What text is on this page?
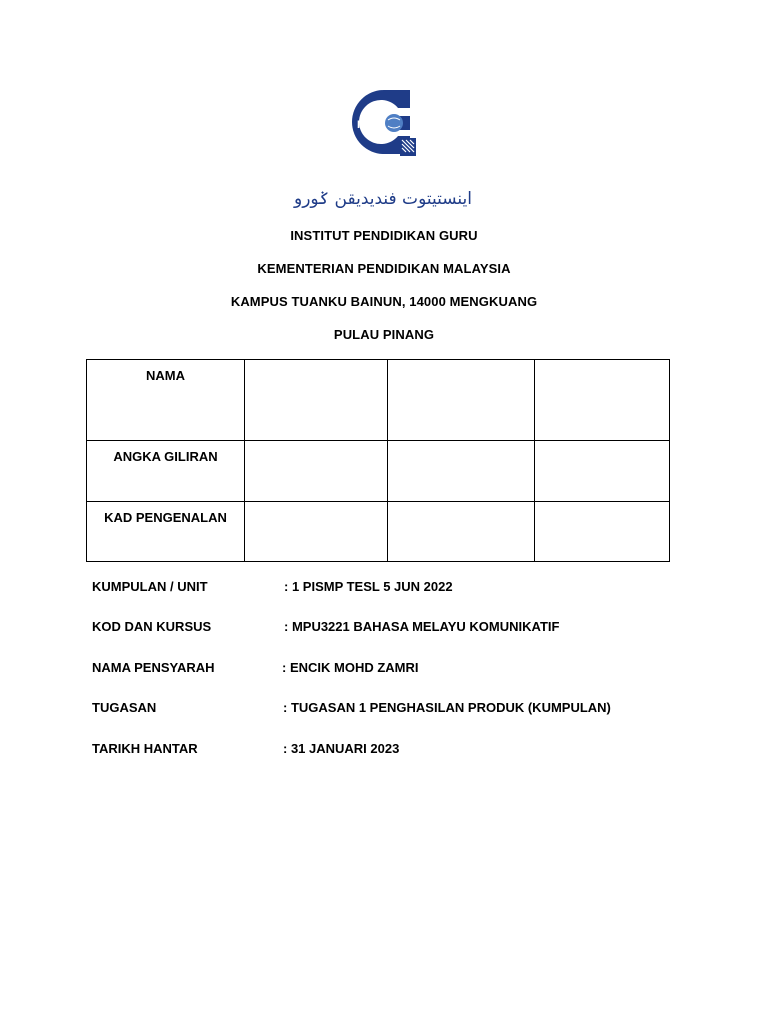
IPG
اينستيتوت فنديديقن ݢورو
INSTITUT PENDIDIKAN GURU
KEMENTERIAN PENDIDIKAN MALAYSIA
KAMPUS TUANKU BAINUN, 14000 MENGKUANG
PULAU PINANG
NAMA			
ANGKA GILIRAN			
KAD PENGENALAN			
KUMPULAN / UNIT	: 1 PISMP TESL 5 JUN 2022
KOD DAN KURSUS	: MPU3221 BAHASA MELAYU KOMUNIKATIF
NAMA PENSYARAH	: ENCIK MOHD ZAMRI
TUGASAN	: TUGASAN 1 PENGHASILAN PRODUK (KUMPULAN)
TARIKH HANTAR	: 31 JANUARI 2023
